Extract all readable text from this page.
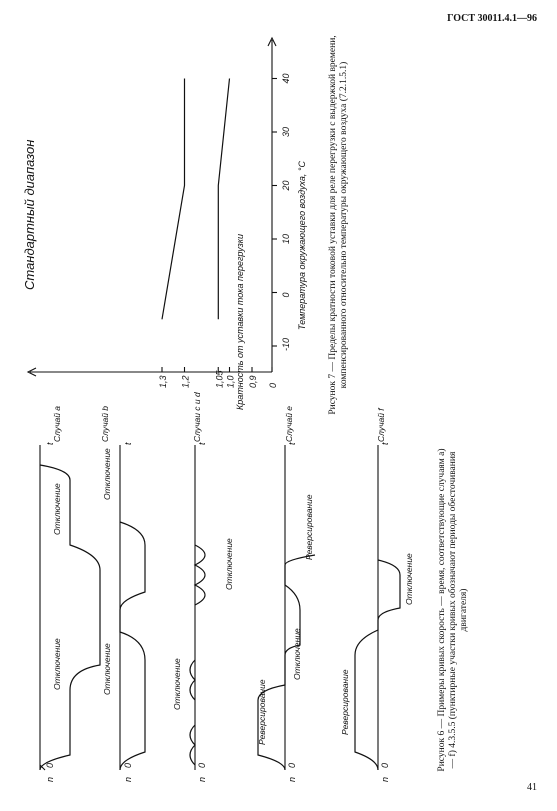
ГОСТ 30011.4.1—96
Случай a
Отключение
Отключение
n
0
t
Случай b
Отключение
Отключение
n
0
t
Случаи c и d
Отключение
Отключение
n
0
t
Случай e
Реверсирование
Отключение
Реверсирование
n
0
t
Случай f
Реверсирование
Отключение
n
0
t
Рисунок 6 — Примеры кривых скорость — время, соответствующие случаям а) — f) 4.3.5.5 (пунктирные участки кривых обозначают периоды обесточивания двигателя)
-10
0
10
20
30
40
0
0,9
1,0
1,05
1,2
1,3
Стандартный диапазон	Температура окружающего воздуха, °C
Кратность от уставки тока перегрузки	Рисунок 7 — Пределы кратности токовой уставки для реле перегрузки с выдержкой времени, компенсированного относительно температуры окружающего воздуха (7.2.1.5.1)
41
